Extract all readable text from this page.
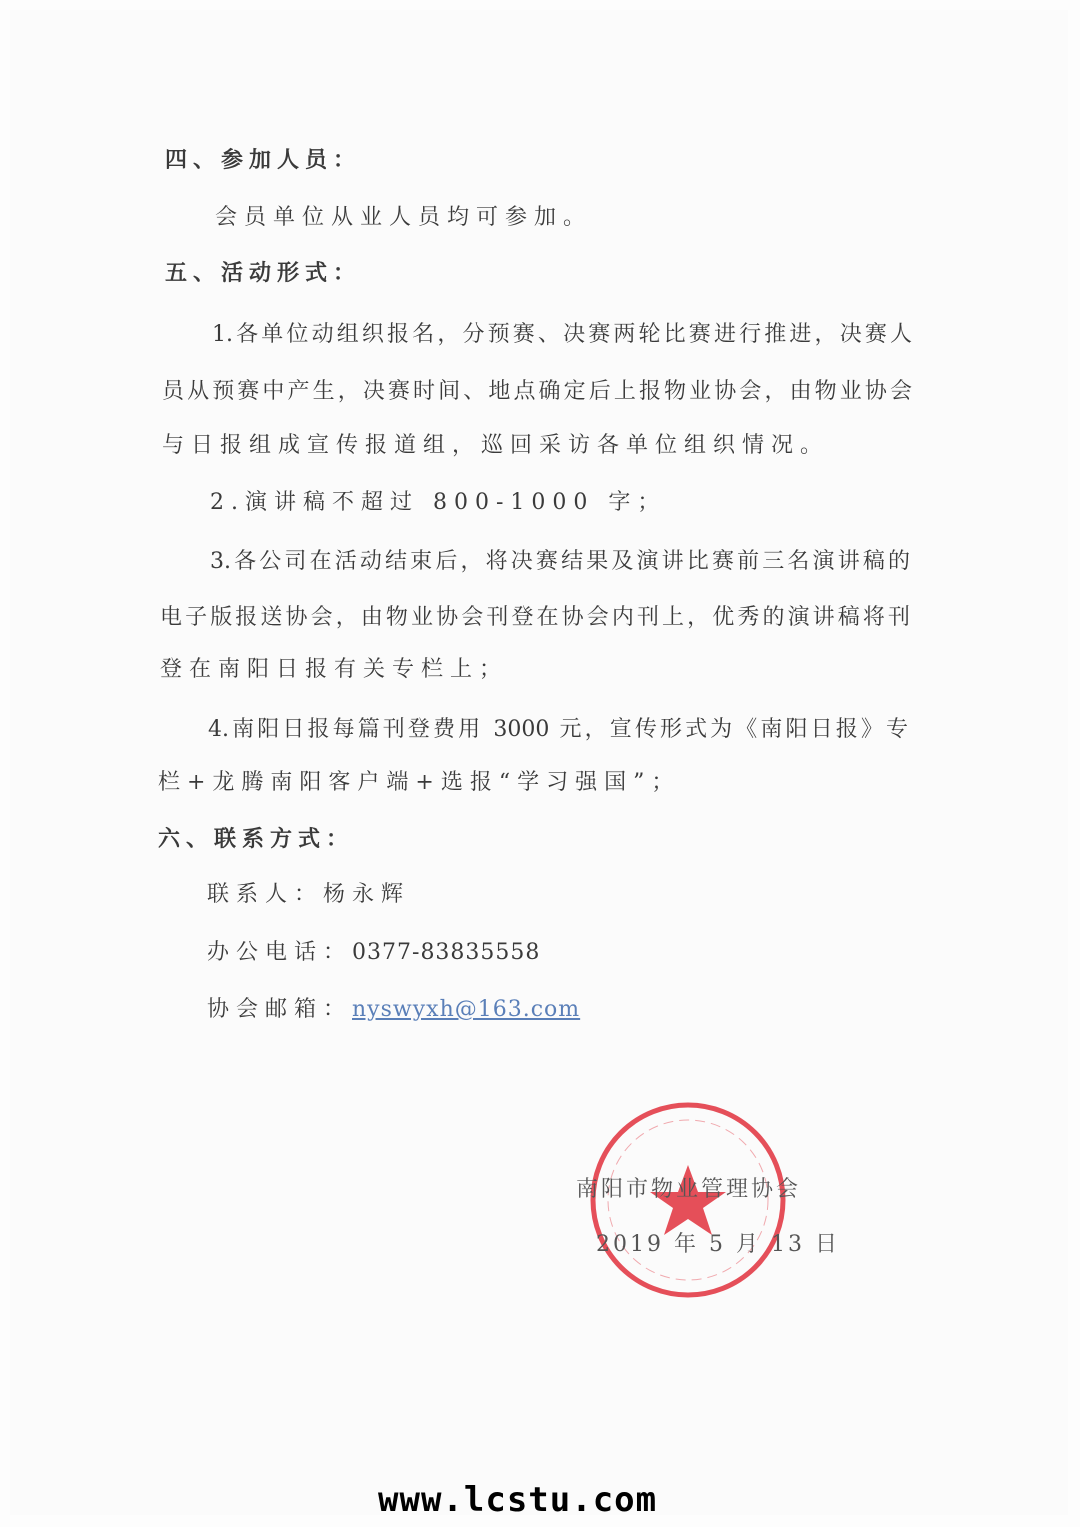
四、参加人员：
会员单位从业人员均可参加。
五、活动形式：
1.各单位动组织报名，分预赛、决赛两轮比赛进行推进，决赛人
员从预赛中产生，决赛时间、地点确定后上报物业协会，由物业协会
与日报组成宣传报道组，巡回采访各单位组织情况。
2.演讲稿不超过 800-1000 字；
3.各公司在活动结束后，将决赛结果及演讲比赛前三名演讲稿的
电子版报送协会，由物业协会刊登在协会内刊上，优秀的演讲稿将刊
登在南阳日报有关专栏上；
4.南阳日报每篇刊登费用 3000 元，宣传形式为《南阳日报》专
栏+龙腾南阳客户端+选报“学习强国”；
六、联系方式：
联系人：杨永辉
办公电话：0377-83835558
协会邮箱：nyswyxh@163.com
南阳市物业管理协会
2019 年 5 月 13 日
www.lcstu.com
